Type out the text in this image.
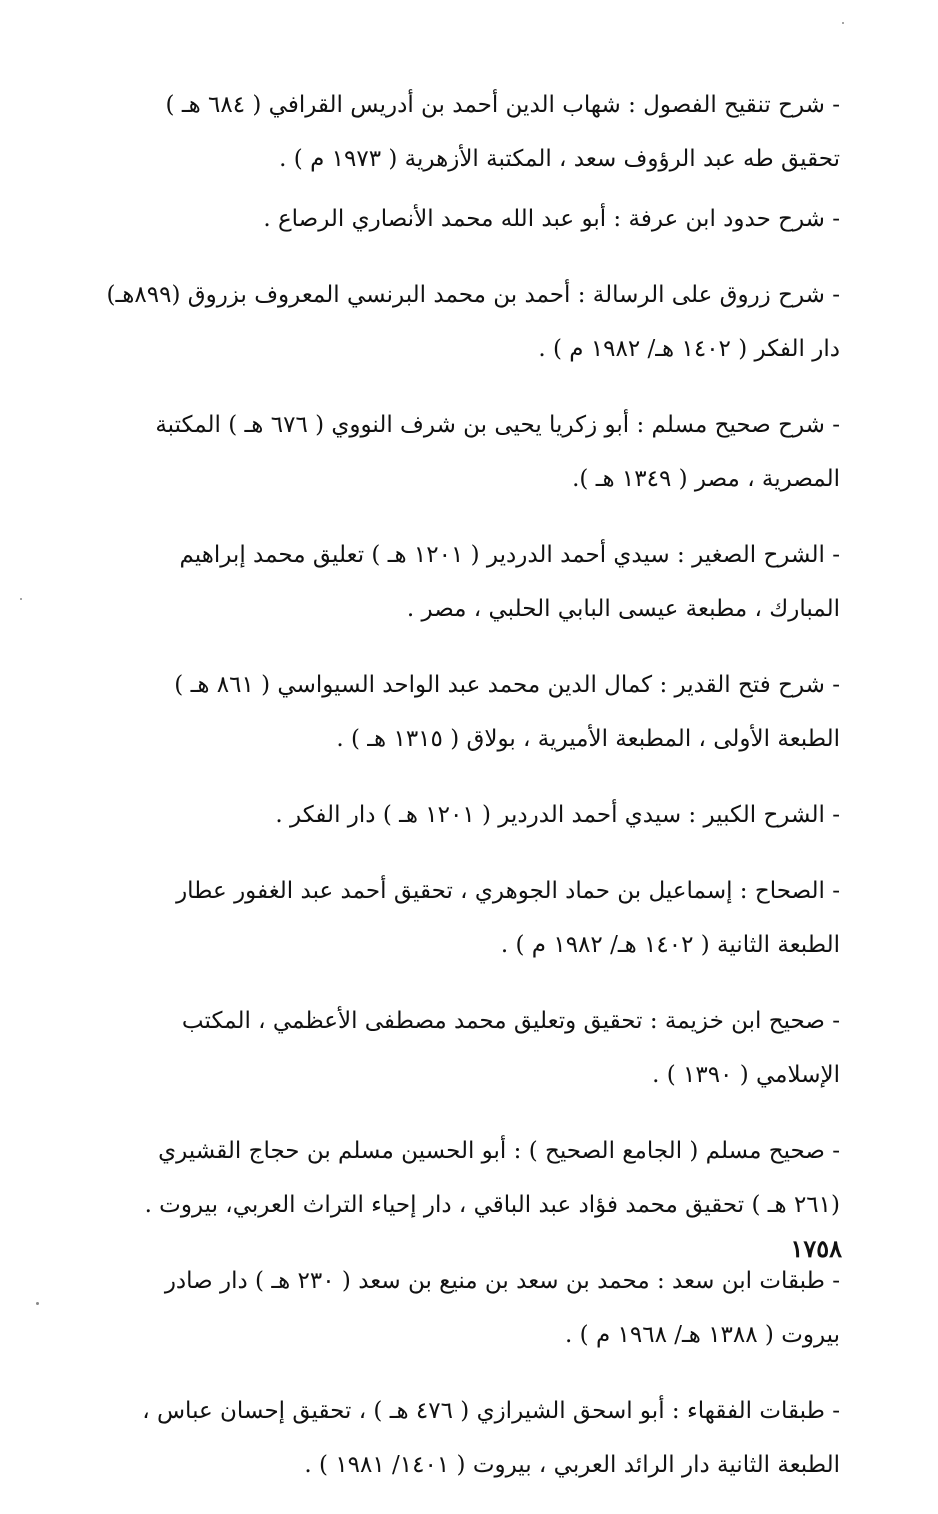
- شرح تنقيح الفصول : شهاب الدين أحمد بن أدريس القرافي ( ٦٨٤ هـ )
تحقيق طه عبد الرؤوف سعد ، المكتبة الأزهرية ( ١٩٧٣ م ) .
- شرح حدود ابن عرفة : أبو عبد الله محمد الأنصاري الرصاع .
- شرح زروق على الرسالة : أحمد بن محمد البرنسي المعروف بزروق (٨٩٩هـ)
دار الفكر ( ١٤٠٢ هـ/ ١٩٨٢ م ) .
- شرح صحيح مسلم : أبو زكريا يحيى بن شرف النووي ( ٦٧٦ هـ ) المكتبة
المصرية ، مصر ( ١٣٤٩ هـ ).
- الشرح الصغير : سيدي أحمد الدردير ( ١٢٠١ هـ ) تعليق محمد إبراهيم
المبارك ، مطبعة عيسى البابي الحلبي ، مصر .
- شرح فتح القدير : كمال الدين محمد عبد الواحد السيواسي ( ٨٦١ هـ )
الطبعة الأولى ، المطبعة الأميرية ، بولاق ( ١٣١٥ هـ ) .
- الشرح الكبير : سيدي أحمد الدردير ( ١٢٠١ هـ ) دار الفكر .
- الصحاح : إسماعيل بن حماد الجوهري ، تحقيق أحمد عبد الغفور عطار
الطبعة الثانية ( ١٤٠٢ هـ/ ١٩٨٢ م ) .
- صحيح ابن خزيمة : تحقيق وتعليق محمد مصطفى الأعظمي ، المكتب
الإسلامي ( ١٣٩٠ ) .
- صحيح مسلم ( الجامع الصحيح ) : أبو الحسين مسلم بن حجاج القشيري
(٢٦١ هـ ) تحقيق محمد فؤاد عبد الباقي ، دار إحياء التراث العربي، بيروت .
- طبقات ابن سعد : محمد بن سعد بن منيع بن سعد ( ٢٣٠ هـ ) دار صادر
بيروت ( ١٣٨٨ هـ/ ١٩٦٨ م ) .
- طبقات الفقهاء : أبو اسحق الشيرازي ( ٤٧٦ هـ ) ، تحقيق إحسان عباس ،
الطبعة الثانية دار الرائد العربي ، بيروت ( ١٤٠١/ ١٩٨١ ) .
١٧٥٨
